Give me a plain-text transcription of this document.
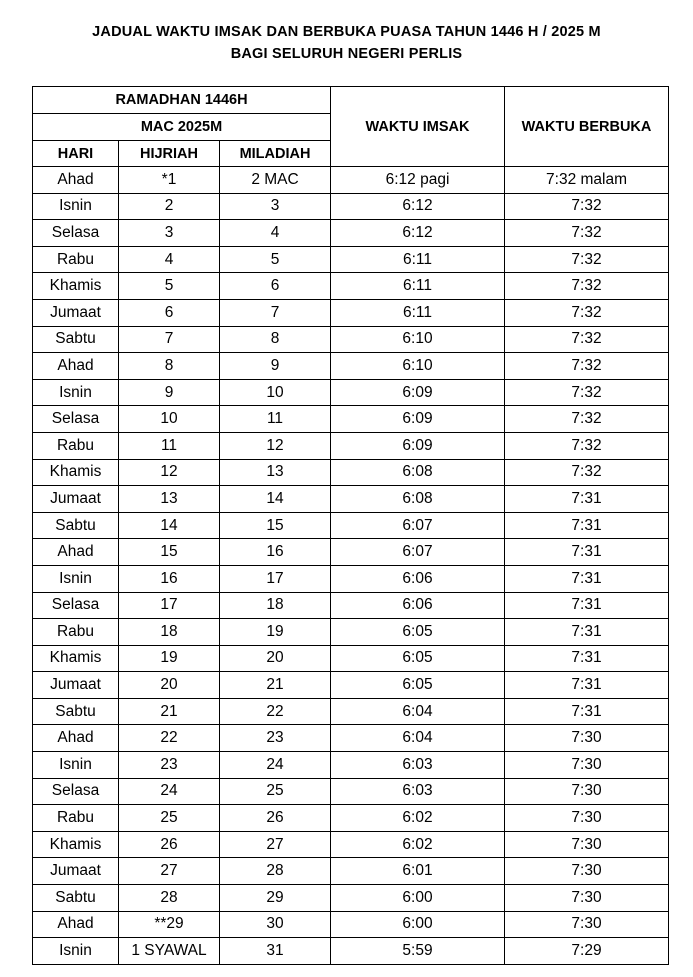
JADUAL WAKTU IMSAK DAN BERBUKA PUASA TAHUN 1446 H / 2025 M
BAGI SELURUH NEGERI PERLIS
RAMADHAN 1446H			WAKTU IMSAK	WAKTU BERBUKA
MAC 2025M				
HARI	HIJRIAH	MILADIAH		
Ahad	*1	2 MAC	6:12 pagi	7:32 malam
Isnin	2	3	6:12	7:32
Selasa	3	4	6:12	7:32
Rabu	4	5	6:11	7:32
Khamis	5	6	6:11	7:32
Jumaat	6	7	6:11	7:32
Sabtu	7	8	6:10	7:32
Ahad	8	9	6:10	7:32
Isnin	9	10	6:09	7:32
Selasa	10	11	6:09	7:32
Rabu	11	12	6:09	7:32
Khamis	12	13	6:08	7:32
Jumaat	13	14	6:08	7:31
Sabtu	14	15	6:07	7:31
Ahad	15	16	6:07	7:31
Isnin	16	17	6:06	7:31
Selasa	17	18	6:06	7:31
Rabu	18	19	6:05	7:31
Khamis	19	20	6:05	7:31
Jumaat	20	21	6:05	7:31
Sabtu	21	22	6:04	7:31
Ahad	22	23	6:04	7:30
Isnin	23	24	6:03	7:30
Selasa	24	25	6:03	7:30
Rabu	25	26	6:02	7:30
Khamis	26	27	6:02	7:30
Jumaat	27	28	6:01	7:30
Sabtu	28	29	6:00	7:30
Ahad	**29	30	6:00	7:30
Isnin	1 SYAWAL	31	5:59	7:29
